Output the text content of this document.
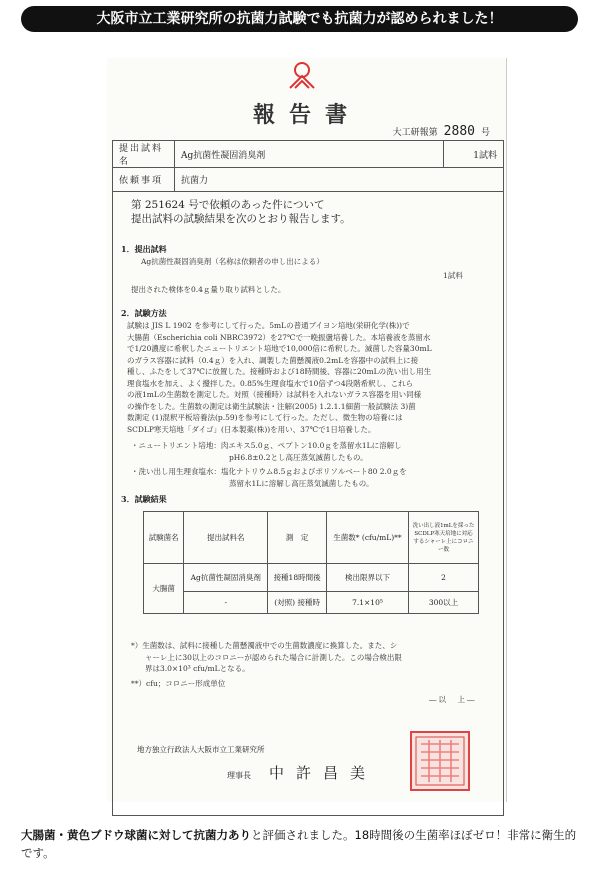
大阪市立工業研究所の抗菌力試験でも抗菌力が認められました！
報告書
大工研報第 2880 号
提出試料名	Ag抗菌性凝固消臭剤	1試料
依頼事項	抗菌力	
第 251624 号で依頼のあった件について
提出試料の試験結果を次のとおり報告します。
1．提出試料
Ag抗菌性凝固消臭剤（名称は依頼者の申し出による）
1試料
提出された検体を0.4ｇ量り取り試料とした。
2．試験方法
試験は JIS L 1902 を参考にして行った。5mLの普通ブイヨン培地(栄研化学(株))で
大腸菌（Escherichia coli NBRC3972）を27℃で一晩振盪培養した。本培養液を蒸留水
で1/20濃度に希釈したニュートリエント培地で10,000倍に希釈した。滅菌した容量30mL
のガラス容器に試料（0.4ｇ）を入れ、調製した菌懸濁液0.2mLを容器中の試料上に接
種し、ふたをして37℃に放置した。接種時および18時間後、容器に20mLの洗い出し用生
理食塩水を加え、よく攪拌した。0.85%生理食塩水で10倍ずつ4段階希釈し、これら
の液1mLの生菌数を測定した。対照（接種時）は試料を入れないガラス容器を用い同様
の操作をした。生菌数の測定は衛生試験法・注解(2005) 1.2.1.1細菌一般試験法 3)菌
数測定 (1)混釈平板培養法(p.59)を参考にして行った。ただし、微生物の培養には
SCDLP寒天培地「ダイゴ」(日本製薬(株))を用い、37℃で1日培養した。
・ニュートリエント培地：肉エキス5.0ｇ、ペプトン10.0ｇを蒸留水1Lに溶解し
pH6.8±0.2とし高圧蒸気滅菌したもの。
・洗い出し用生理食塩水：塩化ナトリウム8.5ｇおよびポリソルベート80 2.0ｇを
蒸留水1Lに溶解し高圧蒸気滅菌したもの。
3．試験結果
試験菌名	提出試料名	測　定	生菌数* (cfu/mL)**	洗い出し液1mLを採ったSCDLP寒天培地に対応するシャーレ上にコロニー数
大腸菌	Ag抗菌性凝固消臭剤	接種18時間後	検出限界以下	2
	-	(対照) 接種時	7.1×10⁵	300以上
*）生菌数は、試料に接種した菌懸濁液中での生菌数濃度に換算した。また、シ
ャーレ上に30以上のコロニーが認められた場合に計測した。この場合検出限
界は3.0×10³ cfu/mLとなる。
**）cfu；コロニー形成単位
―以　上―
地方独立行政法人大阪市立工業研究所
理事長 中許昌美
大腸菌・黄色ブドウ球菌に対して抗菌力ありと評価されました。18時間後の生菌率ほぼゼロ！非常に衛生的です。
